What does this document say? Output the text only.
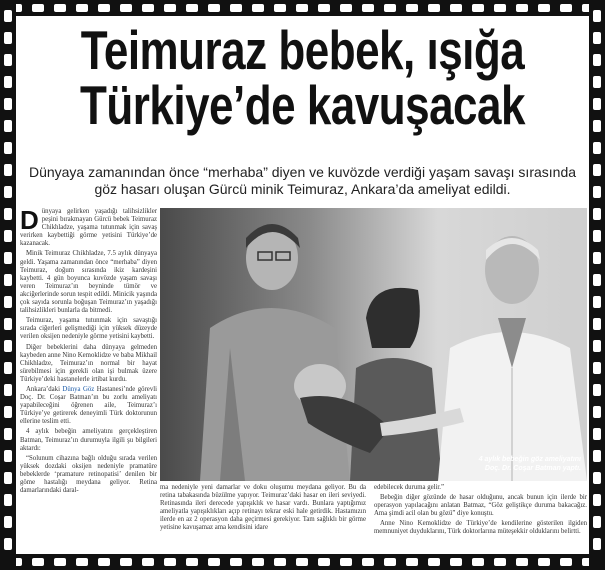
Teimuraz bebek, ışığa
Türkiye’de kavuşacak
Dünyaya zamanından önce “merhaba” diyen ve kuvözde verdiği yaşam savaşı sırasında göz hasarı oluşan Gürcü minik Teimuraz, Ankara’da ameliyat edildi.

Dünyaya gelirken yaşadığı talihsizlikler peşini bırakmayan Gürcü bebek Teimuraz Chikhladze, yaşama tutunmak için savaş verirken kaybettiği görme yetisini Türkiye’de kazanacak.

Minik Teimuraz Chikhladze, 7.5 aylık dünyaya geldi. Yaşama zamanından önce “merhaba” diyen Teimuraz, doğum sırasında ikiz kardeşini kaybetti. 4 gün boyunca kuvözde yaşam savaşı veren Teimuraz’ın beyninde tümör ve akciğerlerinde sorun tespit edildi. Minicik yaşında çok sayıda sorunla boğuşan Teimuraz’ın yaşadığı talihsizlikleri bunlarla da bitmedi.

Teimuraz, yaşama tutunmak için savaştığı sırada ciğerleri gelişmediği için yüksek düzeyde verilen oksijen nedeniyle görme yetisini kaybetti.

Diğer bebeklerini daha dünyaya gelmeden kaybeden anne Nino Kemoklidze ve baba Mikhail Chikhladze, Teimuraz’ın normal bir hayat sürebilmesi için gerekli olan işi bulmak üzere Türkiye’deki hastanelerle irtibat kurdu.

Ankara’daki Dünya Göz Hastanesi’nde görevli Doç. Dr. Coşar Batman’ın bu zorlu ameliyatı yapabileceğini öğrenen aile, Teimuraz’ı Türkiye’ye getirerek deneyimli Türk doktorunun ellerine teslim etti.

4 aylık bebeğin ameliyatını gerçekleştiren Batman, Teimuraz’ın durumuyla ilgili şu bilgileri aktardı:

“Solunum cihazına bağlı olduğu sırada verilen yüksek dozdaki oksijen nedeniyle pramatüre bebeklerde ‘pramature retinopatisi’ denilen bir göme hastalığı meydana geliyor. Retina damarlarındaki daral-

4 aylık bebeğin göz ameliyatını
Doç. Dr. Coşar Batman yaptı.

ma nedeniyle yeni damarlar ve doku oluşumu meydana geliyor. Bu da retina tabakasında büzülme yapıyor. Teimuraz’daki hasar en ileri seviyedi. Retinasında ileri derecede yapışıklık ve hasar vardı. Bunlara yaptığımız ameliyatla yapışıklıkları açıp retinayı tekrar eski hale getirdik. Hastamızın ilerde en az 2 operasyon daha geçirmesi gerekiyor. Tam sağlıklı bir görme yetisine kavuşamaz ama kendisini idare

edebilecek duruma gelir.”

Bebeğin diğer gözünde de hasar olduğunu, ancak bunun için ilerde bir operasyon yapılacağını anlatan Batmaz, “Göz geliştikçe duruma bakacağız. Ama şimdi acil olan bu gözü” diye konuştu.

Anne Nino Kemoklidze de Türkiye’de kendilerine gösterilen ilgiden memnuniyet duyduklarını, Türk doktorlarına müteşekkir olduklarını belirtti.
